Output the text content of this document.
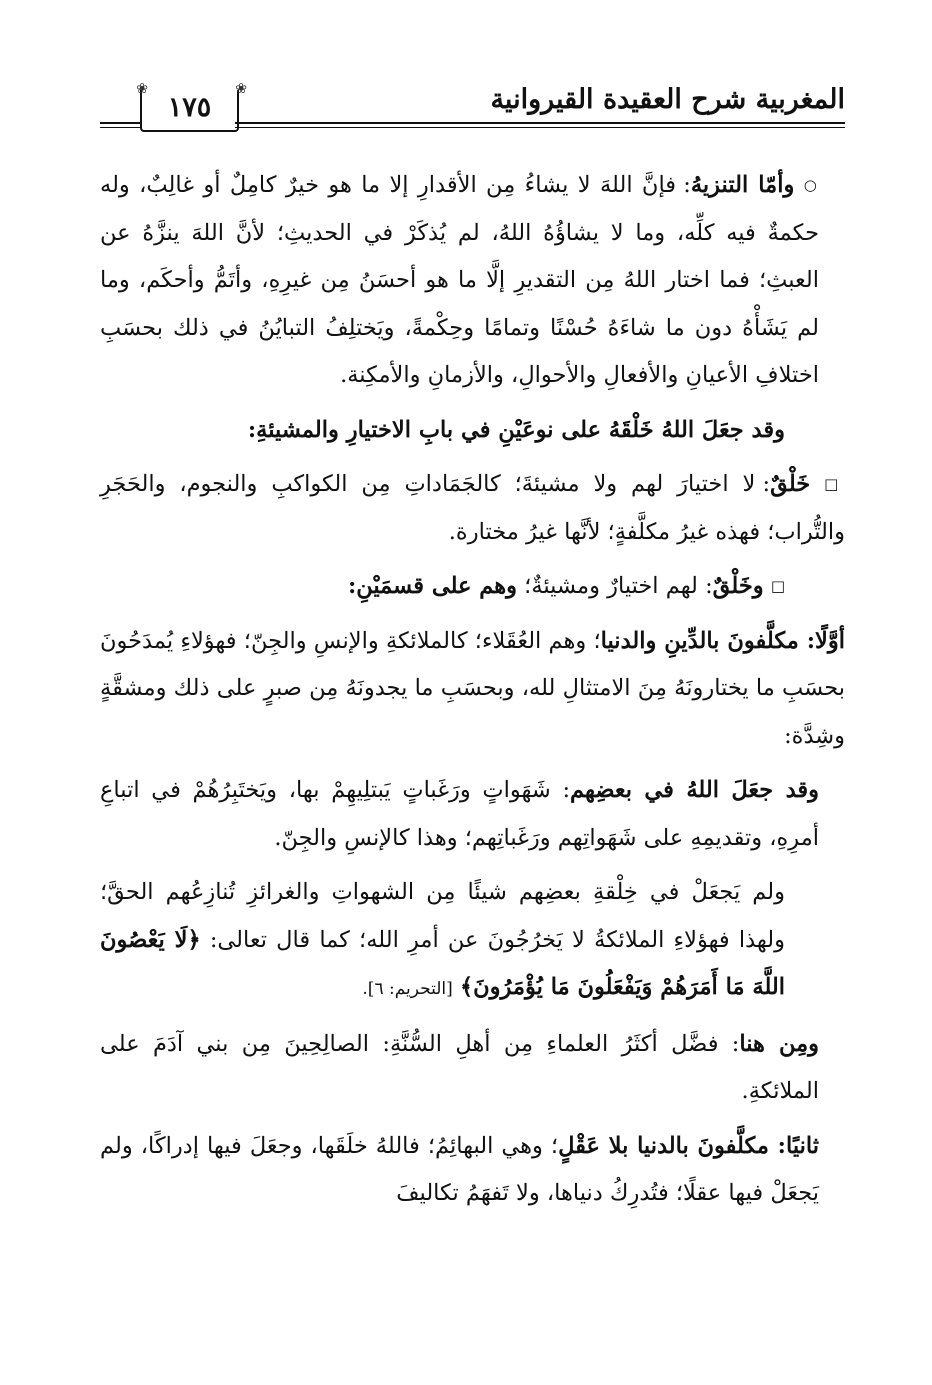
المغربية شرح العقيدة القيروانية
❀	❀
١٧٥

○ وأمّا التنزيهُ: فإنَّ اللهَ لا يشاءُ مِن الأقدارِ إلا ما هو خيرٌ كامِلٌ أو غالِبٌ، وله حكمةٌ فيه كلِّه، وما لا يشاؤُهُ اللهُ، لم يُذكَرْ في الحديثِ؛ لأنَّ اللهَ ينزَّهُ عن العبثِ؛ فما اختار اللهُ مِن التقديرِ إلَّا ما هو أحسَنُ مِن غيرِهِ، وأتَمُّ وأحكَم، وما لم يَشَأْهُ دون ما شاءَهُ حُسْنًا وتمامًا وحِكْمةً، ويَختلِفُ التبايُنُ في ذلك بحسَبِ اختلافِ الأعيانِ والأفعالِ والأحوالِ، والأزمانِ والأمكِنة.

وقد جعَلَ اللهُ خَلْقَهُ على نوعَيْنِ في بابِ الاختيارِ والمشيئةِ:

□ خَلْقٌ: لا اختيارَ لهم ولا مشيئةَ؛ كالجَمَاداتِ مِن الكواكبِ والنجوم، والحَجَرِ والتُّراب؛ فهذه غيرُ مكلَّفةٍ؛ لأنَّها غيرُ مختارة.

□ وخَلْقٌ: لهم اختيارٌ ومشيئةٌ؛ وهم على قسمَيْنِ:

أوَّلًا: مكلَّفونَ بالدِّينِ والدنيا؛ وهم العُقَلاء؛ كالملائكةِ والإنسِ والجِنّ؛ فهؤلاءِ يُمدَحُونَ بحسَبِ ما يختارونَهُ مِنَ الامتثالِ لله، وبحسَبِ ما يجدونَهُ مِن صبرٍ على ذلك ومشقَّةٍ وشِدَّة:

وقد جعَلَ اللهُ في بعضِهم: شَهَواتٍ ورَغَباتٍ يَبتلِيهِمْ بها، ويَختَبِرُهُمْ في اتباعِ أمرِهِ، وتقديمِهِ على شَهَواتِهم ورَغَباتِهم؛ وهذا كالإنسِ والجِنّ.

ولم يَجعَلْ في خِلْقةِ بعضِهم شيئًا مِن الشهواتِ والغرائزِ تُنازِعُهم الحقَّ؛ ولهذا فهؤلاءِ الملائكةُ لا يَخرُجُونَ عن أمرِ الله؛ كما قال تعالى: ﴿لَا يَعْصُونَ اللَّهَ مَا أَمَرَهُمْ وَيَفْعَلُونَ مَا يُؤْمَرُونَ﴾ [التحريم: ٦].

ومِن هنا: فضَّل أكثَرُ العلماءِ مِن أهلِ السُّنَّةِ: الصالِحِينَ مِن بني آدَمَ على الملائكةِ.

ثانيًا: مكلَّفونَ بالدنيا بلا عَقْلٍ؛ وهي البهائِمُ؛ فاللهُ خلَقَها، وجعَلَ فيها إدراكًا، ولم يَجعَلْ فيها عقلًا؛ فتُدرِكُ دنياها، ولا تَفهَمُ تكاليفَ
